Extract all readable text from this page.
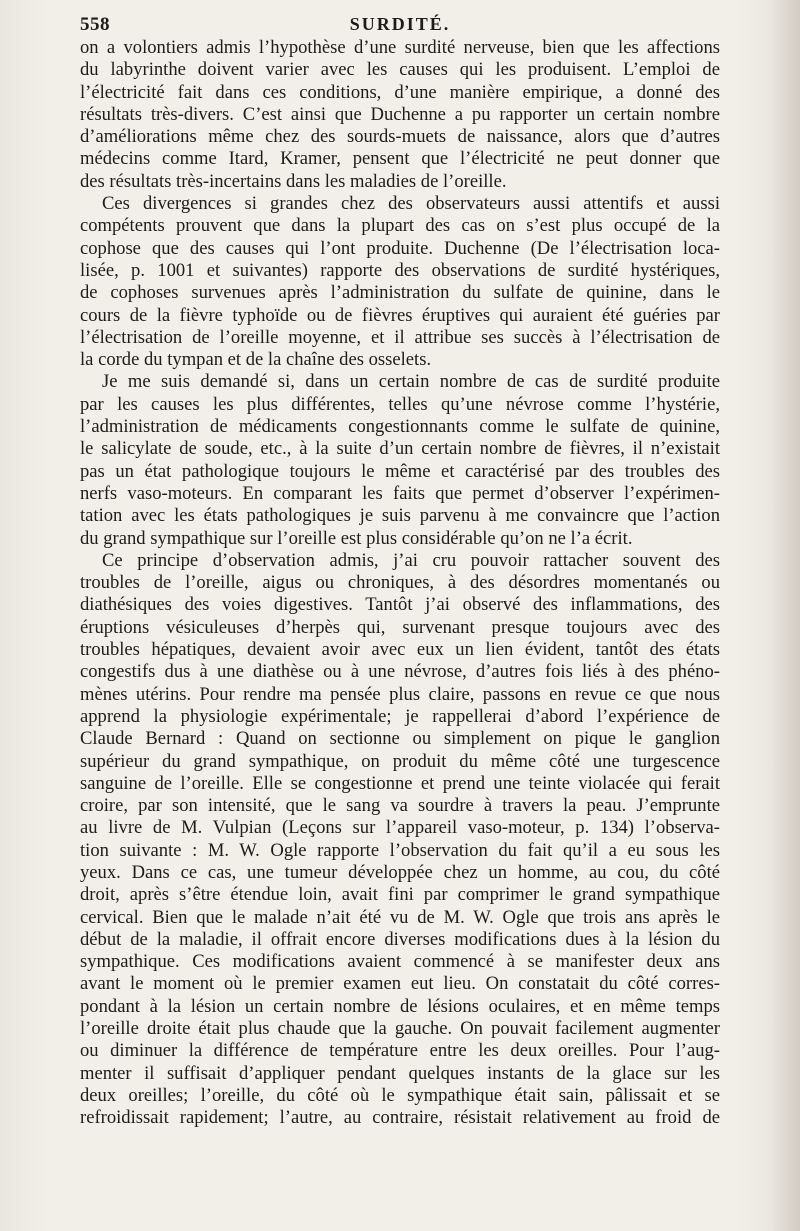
558	SURDITÉ.
on a volontiers admis l’hypothèse d’une surdité nerveuse, bien que les affections
du labyrinthe doivent varier avec les causes qui les produisent. L’emploi de
l’électricité fait dans ces conditions, d’une manière empirique, a donné des
résultats très-divers. C’est ainsi que Duchenne a pu rapporter un certain nombre
d’améliorations même chez des sourds-muets de naissance, alors que d’autres
médecins comme Itard, Kramer, pensent que l’électricité ne peut donner que
des résultats très-incertains dans les maladies de l’oreille.
Ces divergences si grandes chez des observateurs aussi attentifs et aussi
compétents prouvent que dans la plupart des cas on s’est plus occupé de la
cophose que des causes qui l’ont produite. Duchenne (De l’électrisation loca-
lisée, p. 1001 et suivantes) rapporte des observations de surdité hystériques,
de cophoses survenues après l’administration du sulfate de quinine, dans le
cours de la fièvre typhoïde ou de fièvres éruptives qui auraient été guéries par
l’électrisation de l’oreille moyenne, et il attribue ses succès à l’électrisation de
la corde du tympan et de la chaîne des osselets.
Je me suis demandé si, dans un certain nombre de cas de surdité produite
par les causes les plus différentes, telles qu’une névrose comme l’hystérie,
l’administration de médicaments congestionnants comme le sulfate de quinine,
le salicylate de soude, etc., à la suite d’un certain nombre de fièvres, il n’existait
pas un état pathologique toujours le même et caractérisé par des troubles des
nerfs vaso-moteurs. En comparant les faits que permet d’observer l’expérimen-
tation avec les états pathologiques je suis parvenu à me convaincre que l’action
du grand sympathique sur l’oreille est plus considérable qu’on ne l’a écrit.
Ce principe d’observation admis, j’ai cru pouvoir rattacher souvent des
troubles de l’oreille, aigus ou chroniques, à des désordres momentanés ou
diathésiques des voies digestives. Tantôt j’ai observé des inflammations, des
éruptions vésiculeuses d’herpès qui, survenant presque toujours avec des
troubles hépatiques, devaient avoir avec eux un lien évident, tantôt des états
congestifs dus à une diathèse ou à une névrose, d’autres fois liés à des phéno-
mènes utérins. Pour rendre ma pensée plus claire, passons en revue ce que nous
apprend la physiologie expérimentale; je rappellerai d’abord l’expérience de
Claude Bernard : Quand on sectionne ou simplement on pique le ganglion
supérieur du grand sympathique, on produit du même côté une turgescence
sanguine de l’oreille. Elle se congestionne et prend une teinte violacée qui ferait
croire, par son intensité, que le sang va sourdre à travers la peau. J’emprunte
au livre de M. Vulpian (Leçons sur l’appareil vaso-moteur, p. 134) l’observa-
tion suivante : M. W. Ogle rapporte l’observation du fait qu’il a eu sous les
yeux. Dans ce cas, une tumeur développée chez un homme, au cou, du côté
droit, après s’être étendue loin, avait fini par comprimer le grand sympathique
cervical. Bien que le malade n’ait été vu de M. W. Ogle que trois ans après le
début de la maladie, il offrait encore diverses modifications dues à la lésion du
sympathique. Ces modifications avaient commencé à se manifester deux ans
avant le moment où le premier examen eut lieu. On constatait du côté corres-
pondant à la lésion un certain nombre de lésions oculaires, et en même temps
l’oreille droite était plus chaude que la gauche. On pouvait facilement augmenter
ou diminuer la différence de température entre les deux oreilles. Pour l’aug-
menter il suffisait d’appliquer pendant quelques instants de la glace sur les
deux oreilles; l’oreille, du côté où le sympathique était sain, pâlissait et se
refroidissait rapidement; l’autre, au contraire, résistait relativement au froid de
